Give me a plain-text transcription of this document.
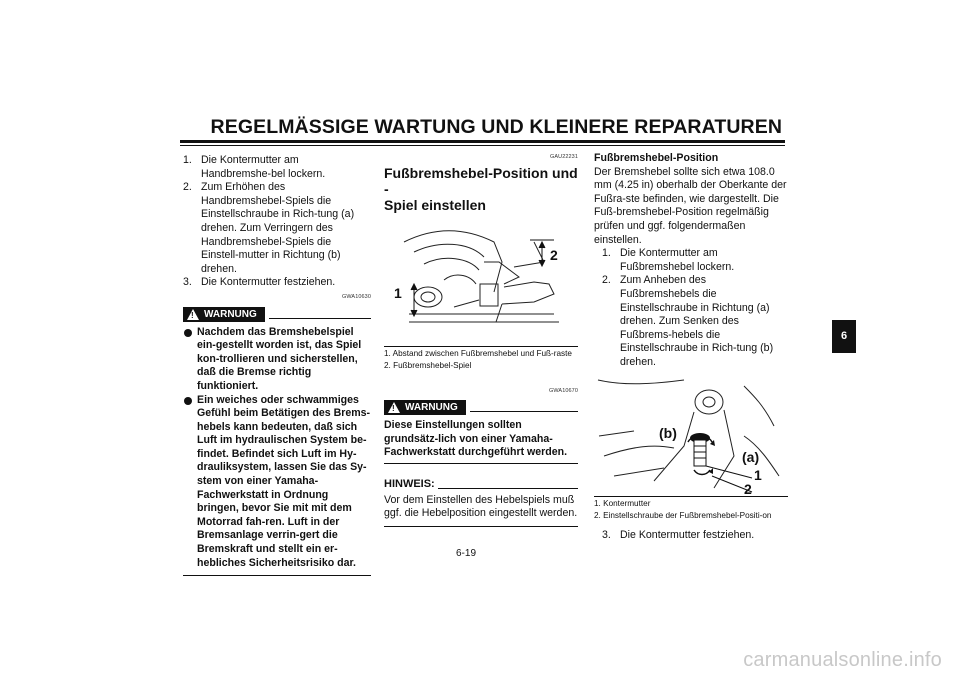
REGELMÄSSIGE WARTUNG UND KLEINERE REPARATUREN
1. Die Kontermutter am Handbremshe-bel lockern.
2. Zum Erhöhen des Handbremshebel-Spiels die Einstellschraube in Rich-tung (a) drehen. Zum Verringern des Handbremshebel-Spiels die Einstell-mutter in Richtung (b) drehen.
3. Die Kontermutter festziehen.
GWA10630
! WARNUNG
Nachdem das Bremshebelspiel ein-gestellt worden ist, das Spiel kon-trollieren und sicherstellen, daß die Bremse richtig funktioniert.
Ein weiches oder schwammiges Gefühl beim Betätigen des Brems-hebels kann bedeuten, daß sich Luft im hydraulischen System be-findet. Befindet sich Luft im Hy-drauliksystem, lassen Sie das Sy-stem von einer Yamaha-Fachwerkstatt in Ordnung bringen, bevor Sie mit mit dem Motorrad fah-ren. Luft in der Bremsanlage verrin-gert die Bremskraft und stellt ein er-hebliches Sicherheitsrisiko dar.
GAU22231
Fußbremshebel-Position und -
Spiel einstellen
1
2
1. Abstand zwischen Fußbremshebel und Fuß-raste
2. Fußbremshebel-Spiel
GWA10670
! WARNUNG
Diese Einstellungen sollten grundsätz-lich von einer Yamaha-Fachwerkstatt durchgeführt werden.
HINWEIS:
Vor dem Einstellen des Hebelspiels muß ggf. die Hebelposition eingestellt werden.
Fußbremshebel-Position
Der Bremshebel sollte sich etwa 108.0 mm (4.25 in) oberhalb der Oberkante der Fußra-ste befinden, wie dargestellt. Die Fuß-bremshebel-Position regelmäßig prüfen und ggf. folgendermaßen einstellen.
1. Die Kontermutter am Fußbremshebel lockern.
2. Zum Anheben des Fußbremshebels die Einstellschraube in Richtung (a) drehen. Zum Senken des Fußbrems-hebels die Einstellschraube in Rich-tung (b) drehen.
(b)
(a)
1
2
1. Kontermutter
2. Einstellschraube der Fußbremshebel-Positi-on
3. Die Kontermutter festziehen.
6
6-19
carmanualsonline.info
